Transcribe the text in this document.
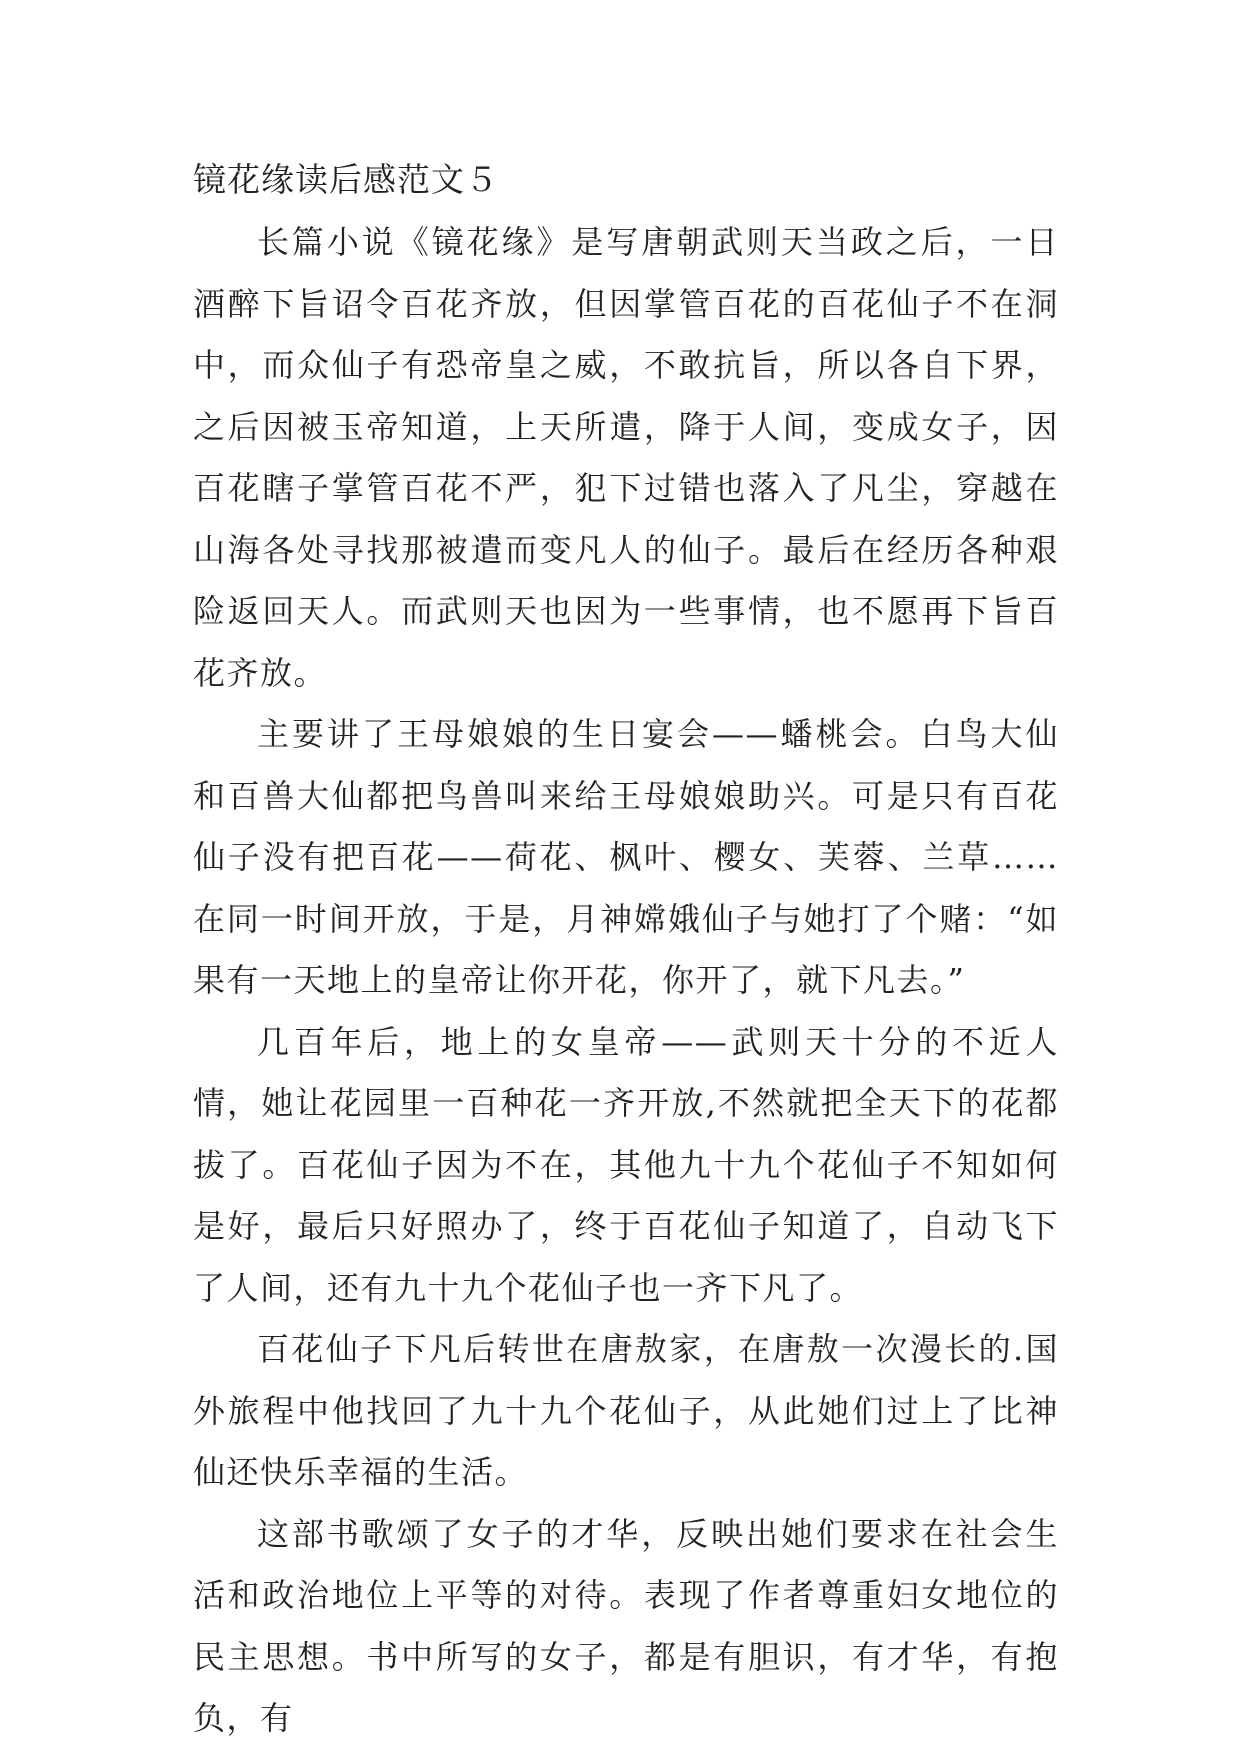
镜花缘读后感范文５

长篇小说《镜花缘》是写唐朝武则天当政之后，一日酒醉下旨诏令百花齐放，但因掌管百花的百花仙子不在洞中，而众仙子有恐帝皇之威，不敢抗旨，所以各自下界，之后因被玉帝知道，上天所遣，降于人间，变成女子，因百花瞎子掌管百花不严，犯下过错也落入了凡尘，穿越在山海各处寻找那被遣而变凡人的仙子。最后在经历各种艰险返回天人。而武则天也因为一些事情，也不愿再下旨百花齐放。

主要讲了王母娘娘的生日宴会——蟠桃会。白鸟大仙和百兽大仙都把鸟兽叫来给王母娘娘助兴。可是只有百花仙子没有把百花——荷花、枫叶、樱女、芙蓉、兰草……在同一时间开放，于是，月神嫦娥仙子与她打了个赌：“如果有一天地上的皇帝让你开花，你开了，就下凡去。”

几百年后，地上的女皇帝——武则天十分的不近人情，她让花园里一百种花一齐开放,不然就把全天下的花都拔了。百花仙子因为不在，其他九十九个花仙子不知如何是好，最后只好照办了，终于百花仙子知道了，自动飞下了人间，还有九十九个花仙子也一齐下凡了。

百花仙子下凡后转世在唐敖家，在唐敖一次漫长的.国外旅程中他找回了九十九个花仙子，从此她们过上了比神仙还快乐幸福的生活。

这部书歌颂了女子的才华，反映出她们要求在社会生活和政治地位上平等的对待。表现了作者尊重妇女地位的民主思想。书中所写的女子，都是有胆识，有才华，有抱负，有
